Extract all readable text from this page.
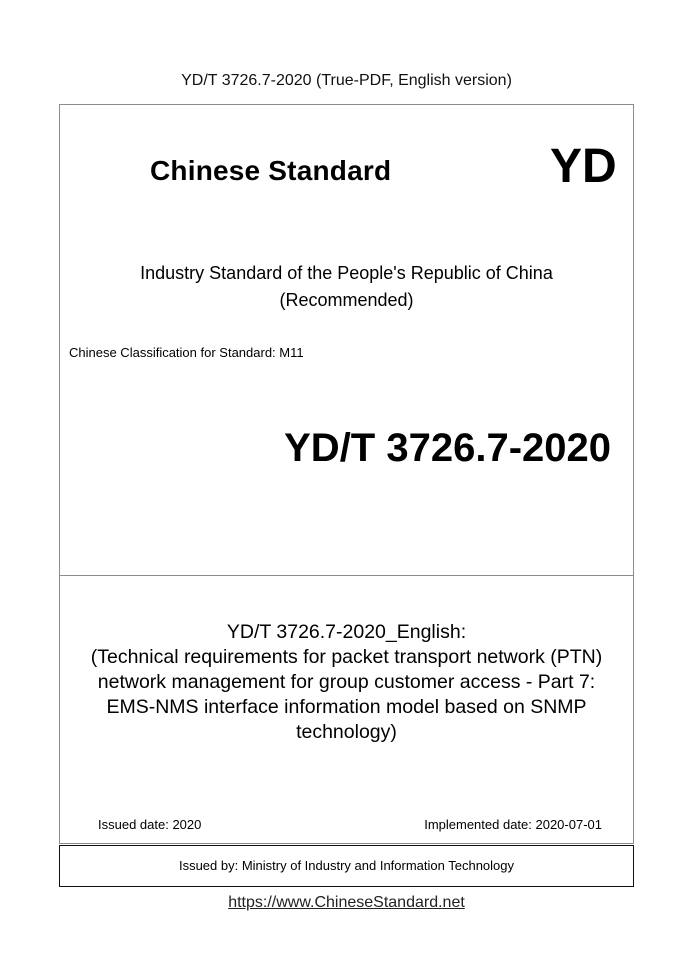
YD/T 3726.7-2020 (True-PDF, English version)
Chinese Standard	YD
Industry Standard of the People's Republic of China
(Recommended)
Chinese Classification for Standard: M11
YD/T 3726.7-2020
YD/T 3726.7-2020_English:
(Technical requirements for packet transport network (PTN)
network management for group customer access - Part 7:
EMS-NMS interface information model based on SNMP
technology)
Issued date: 2020	Implemented date: 2020-07-01
Issued by: Ministry of Industry and Information Technology
https://www.ChineseStandard.net
